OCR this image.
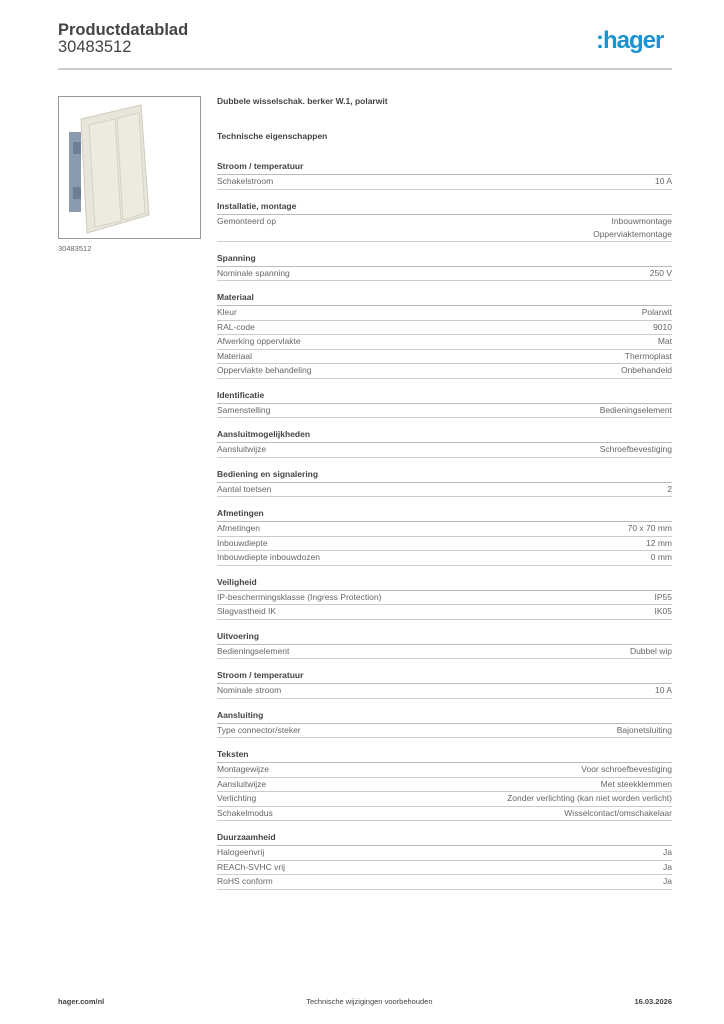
Productdatablad
30483512	:hager
30483512
Dubbele wisselschak. berker W.1, polarwit
Technische eigenschappen
Stroom / temperatuur
Schakelstroom	10 A
Installatie, montage
Gemonteerd op	Inbouwmontage
Opperviaktemontage
Spanning
Nominale spanning	250 V
Materiaal
Kleur	Polarwit
RAL-code	9010
Afwerking oppervlakte	Mat
Materiaal	Thermoplast
Oppervlakte behandeling	Onbehandeld
Identificatie
Samenstelling	Bedieningselement
Aansluitmogelijkheden
Aansluitwijze	Schroefbevestiging
Bediening en signalering
Aantal toetsen	2
Afmetingen
Afmetingen	70 x 70 mm
Inbouwdiepte	12 mm
Inbouwdiepte inbouwdozen	0 mm
Veiligheid
IP-beschermingsklasse (Ingress Protection)	IP55
Slagvastheid IK	IK05
Uitvoering
Bedieningselement	Dubbel wip
Stroom / temperatuur
Nominale stroom	10 A
Aansluiting
Type connector/steker	Bajonetsluiting
Teksten
Montagewijze	Voor schroefbevestiging
Aansluitwijze	Met steekklemmen
Verlichting	Zonder verlichting (kan niet worden verlicht)
Schakelmodus	Wisselcontact/omschakelaar
Duurzaamheid
Halogeenvrij	Ja
REACh-SVHC vrij	Ja
RoHS conform	Ja
hager.com/nl	Technische wijzigingen voorbehouden	16.03.2026
